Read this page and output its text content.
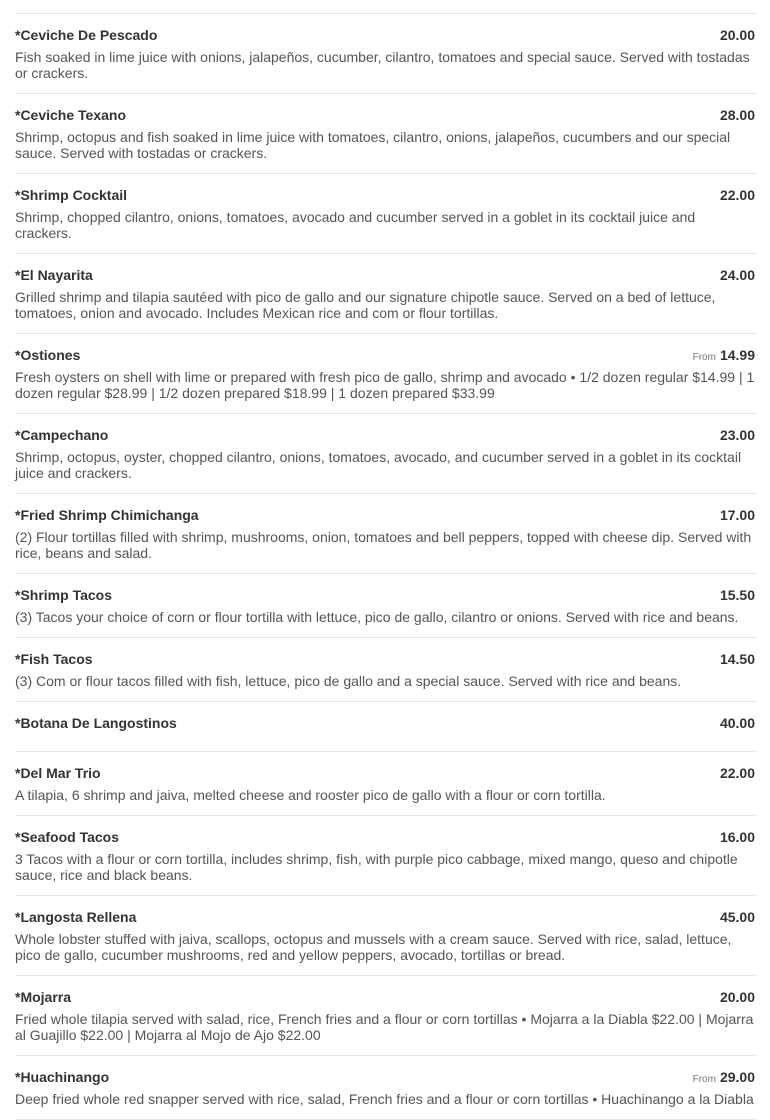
*Ceviche De Pescado	20.00
Fish soaked in lime juice with onions, jalapeños, cucumber, cilantro, tomatoes and special sauce. Served with tostadas or crackers.
*Ceviche Texano	28.00
Shrimp, octopus and fish soaked in lime juice with tomatoes, cilantro, onions, jalapeños, cucumbers and our special sauce. Served with tostadas or crackers.
*Shrimp Cocktail	22.00
Shrimp, chopped cilantro, onions, tomatoes, avocado and cucumber served in a goblet in its cocktail juice and crackers.
*El Nayarita	24.00
Grilled shrimp and tilapia sautéed with pico de gallo and our signature chipotle sauce. Served on a bed of lettuce, tomatoes, onion and avocado. Includes Mexican rice and com or flour tortillas.
*Ostiones	From 14.99
Fresh oysters on shell with lime or prepared with fresh pico de gallo, shrimp and avocado • 1/2 dozen regular $14.99 | 1 dozen regular $28.99 | 1/2 dozen prepared $18.99 | 1 dozen prepared $33.99
*Campechano	23.00
Shrimp, octopus, oyster, chopped cilantro, onions, tomatoes, avocado, and cucumber served in a goblet in its cocktail juice and crackers.
*Fried Shrimp Chimichanga	17.00
(2) Flour tortillas filled with shrimp, mushrooms, onion, tomatoes and bell peppers, topped with cheese dip. Served with rice, beans and salad.
*Shrimp Tacos	15.50
(3) Tacos your choice of corn or flour tortilla with lettuce, pico de gallo, cilantro or onions. Served with rice and beans.
*Fish Tacos	14.50
(3) Com or flour tacos filled with fish, lettuce, pico de gallo and a special sauce. Served with rice and beans.
*Botana De Langostinos	40.00
*Del Mar Trio	22.00
A tilapia, 6 shrimp and jaiva, melted cheese and rooster pico de gallo with a flour or corn tortilla.
*Seafood Tacos	16.00
3 Tacos with a flour or corn tortilla, includes shrimp, fish, with purple pico cabbage, mixed mango, queso and chipotle sauce, rice and black beans.
*Langosta Rellena	45.00
Whole lobster stuffed with jaiva, scallops, octopus and mussels with a cream sauce. Served with rice, salad, lettuce, pico de gallo, cucumber mushrooms, red and yellow peppers, avocado, tortillas or bread.
*Mojarra	20.00
Fried whole tilapia served with salad, rice, French fries and a flour or corn tortillas • Mojarra a la Diabla $22.00 | Mojarra al Guajillo $22.00 | Mojarra al Mojo de Ajo $22.00
*Huachinango	From 29.00
Deep fried whole red snapper served with rice, salad, French fries and a flour or corn tortillas • Huachinango a la Diabla
